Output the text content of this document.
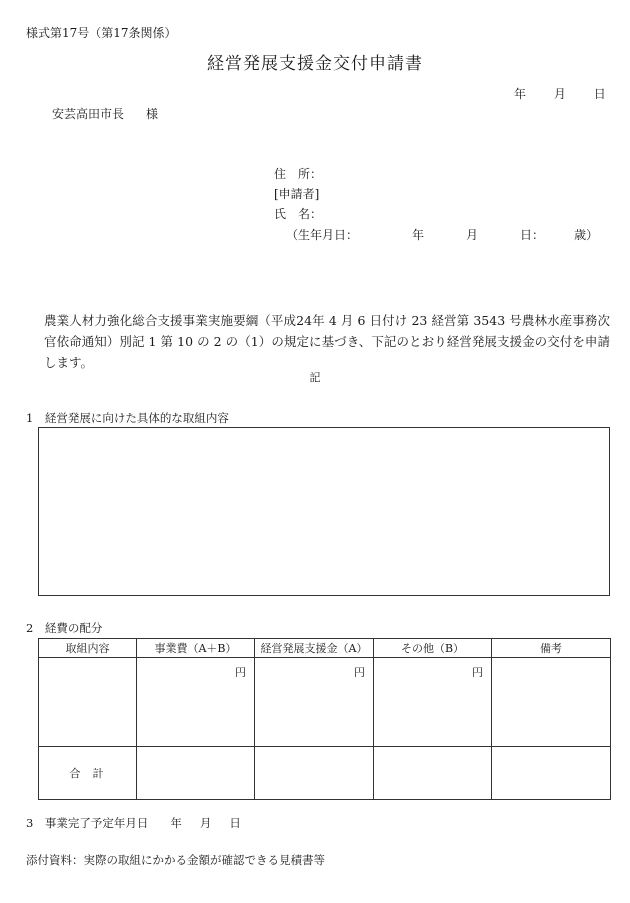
様式第17号（第17条関係）
経営発展支援金交付申請書
年 月 日
安芸高田市長 様
住　所：
[申請者]
氏　名：
（生年月日：	年	月	日：	歳）
農業人材力強化総合支援事業実施要綱（平成24年 4 月 6 日付け 23 経営第 3543 号農林水産事務次官依命通知）別記 1 第 10 の 2 の（1）の規定に基づき、下記のとおり経営発展支援金の交付を申請します。
記
1　経営発展に向けた具体的な取組内容
2　経費の配分
取組内容	事業費（A＋B）	経営発展支援金（A）	その他（B）	備考
	円	円	円	
合計				
3　事業完了予定年月日 年 月 日
添付資料：実際の取組にかかる金額が確認できる見積書等
